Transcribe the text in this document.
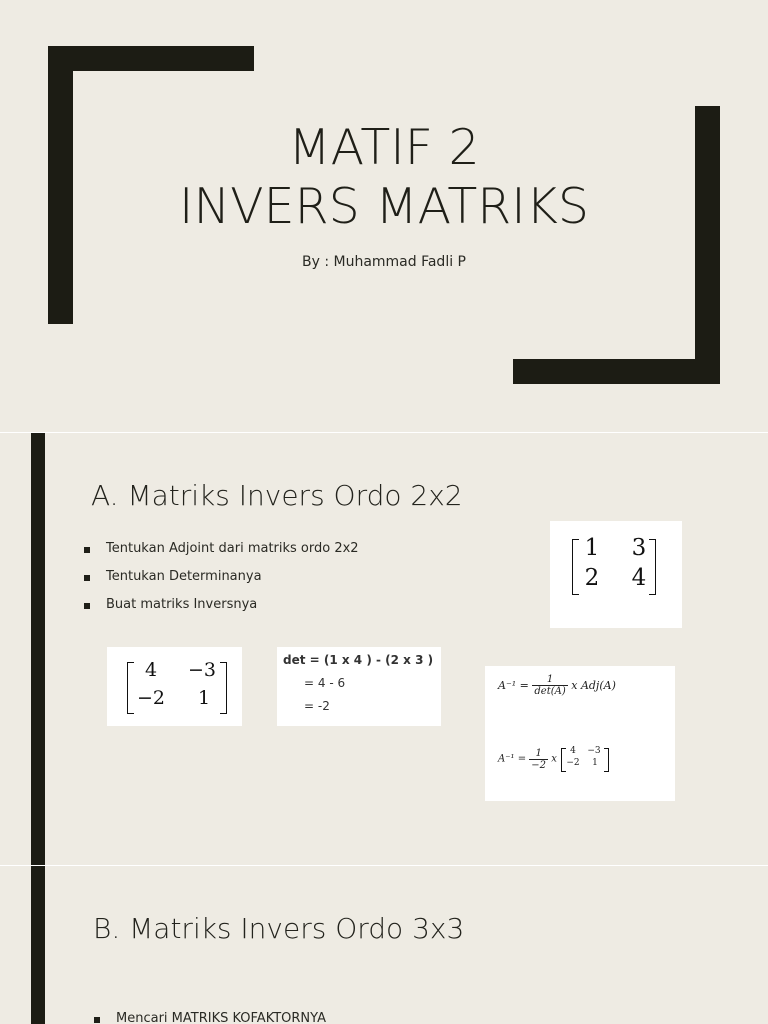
MATIF 2
INVERS MATRIKS
By : Muhammad Fadli P
A. Matriks Invers Ordo 2x2
Tentukan Adjoint dari matriks ordo 2x2
Tentukan Determinanya
Buat matriks Inversnya
1 3
2 4
4	−3
−2	1
det = (1 x 4 ) - (2 x 3 )
= 4 - 6
= -2
$A^{-1} = \frac{1}{\det(A)}$ x Adj(A)
$A^{-1} = \frac{1}{-2}$ x
4	−3
−2	1
B. Matriks Invers Ordo 3x3
Mencari MATRIKS KOFAKTORNYA
